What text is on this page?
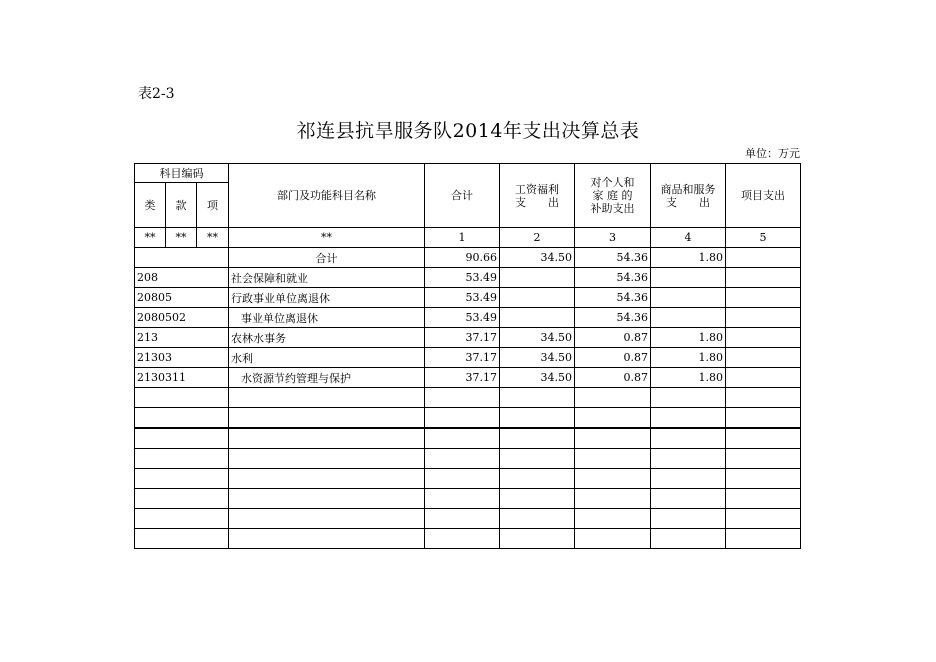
表2-3
祁连县抗旱服务队2014年支出决算总表
单位：万元
科目编码			部门及功能科目名称	合计	工资福利
支　　出	对个人和
家 庭 的
补助支出	商品和服务
支　　出	项目支出
类	款	项						
**	**	**	**	1	2	3	4	5
			合计	90.66	34.50	54.36	1.80	
208			社会保障和就业	53.49		54.36		
20805			行政事业单位离退休	53.49		54.36		
2080502			事业单位离退休	53.49		54.36		
213			农林水事务	37.17	34.50	0.87	1.80	
21303			水利	37.17	34.50	0.87	1.80	
2130311			水资源节约管理与保护	37.17	34.50	0.87	1.80	
